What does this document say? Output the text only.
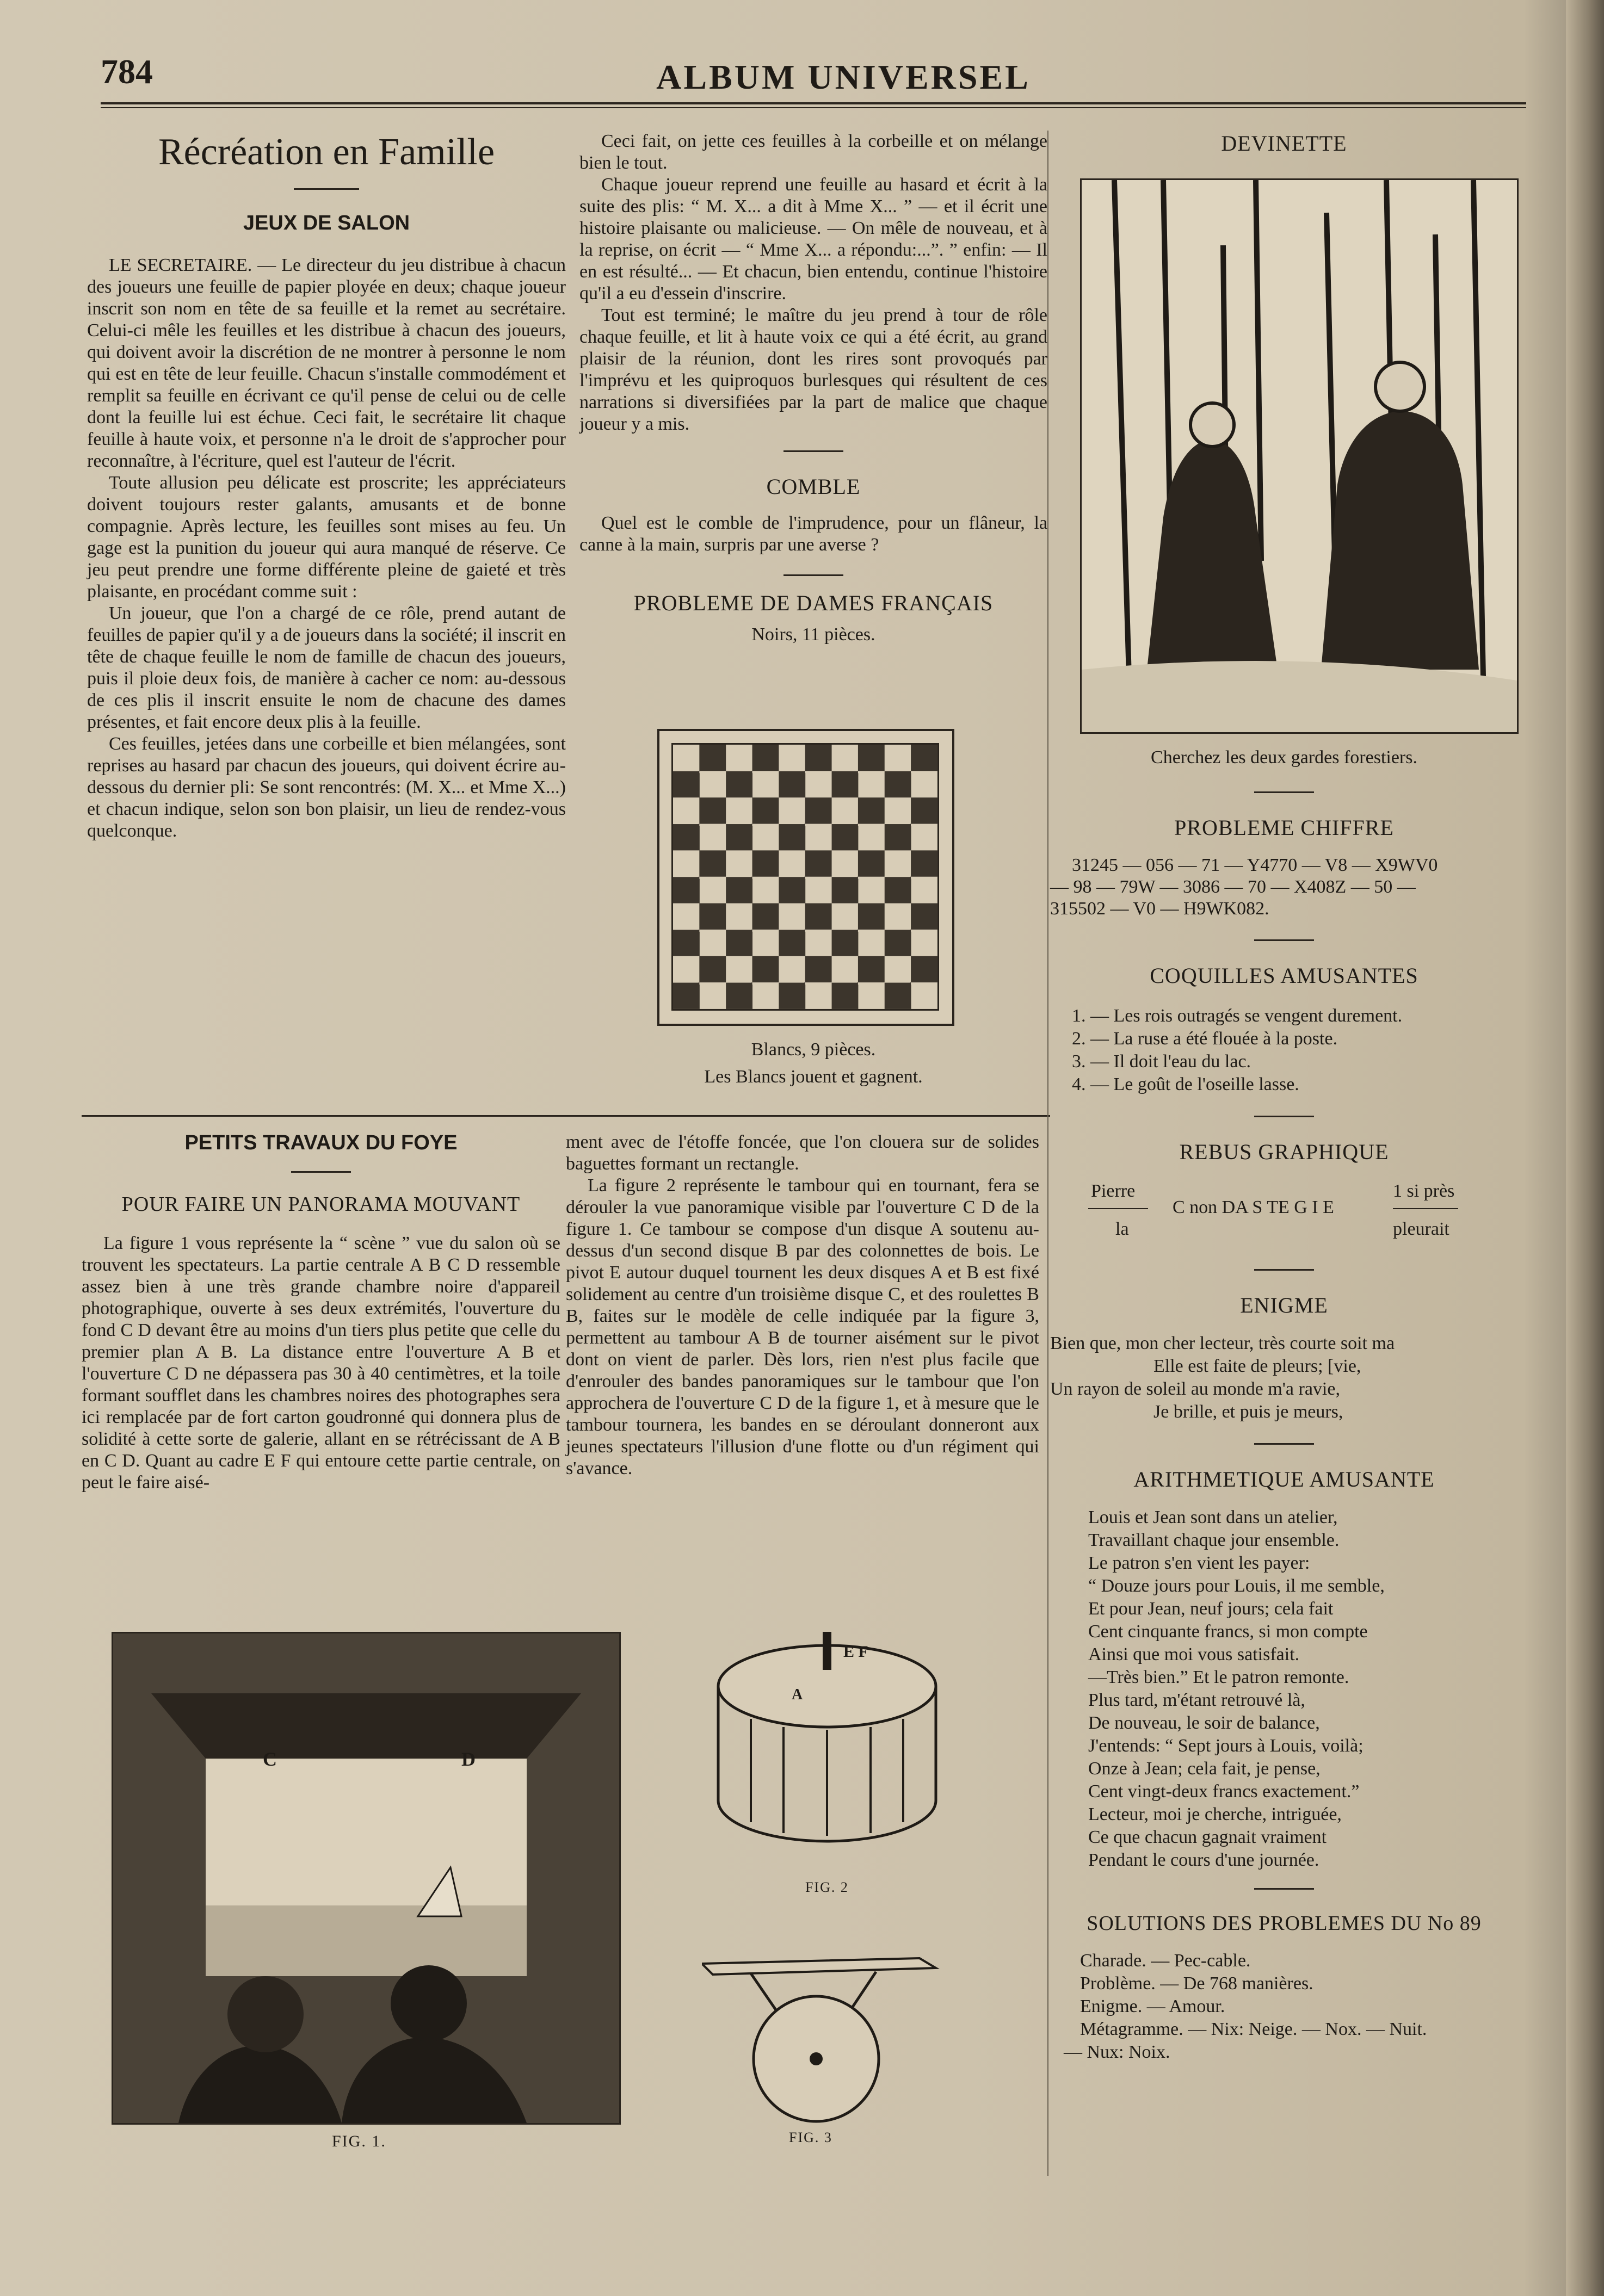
784	ALBUM UNIVERSEL
Récréation en Famille
JEUX DE SALON

LE SECRETAIRE. — Le directeur du jeu distribue à chacun des joueurs une feuille de papier ployée en deux; chaque joueur inscrit son nom en tête de sa feuille et la remet au secrétaire. Celui-ci mêle les feuilles et les distribue à chacun des joueurs, qui doivent avoir la discrétion de ne montrer à personne le nom qui est en tête de leur feuille. Chacun s'installe commodément et remplit sa feuille en écrivant ce qu'il pense de celui ou de celle dont la feuille lui est échue. Ceci fait, le secrétaire lit chaque feuille à haute voix, et personne n'a le droit de s'approcher pour reconnaître, à l'écriture, quel est l'auteur de l'écrit.

Toute allusion peu délicate est proscrite; les appréciateurs doivent toujours rester galants, amusants et de bonne compagnie. Après lecture, les feuilles sont mises au feu. Un gage est la punition du joueur qui aura manqué de réserve. Ce jeu peut prendre une forme différente pleine de gaieté et très plaisante, en procédant comme suit :

Un joueur, que l'on a chargé de ce rôle, prend autant de feuilles de papier qu'il y a de joueurs dans la société; il inscrit en tête de chaque feuille le nom de famille de chacun des joueurs, puis il ploie deux fois, de manière à cacher ce nom: au-dessous de ces plis il inscrit ensuite le nom de chacune des dames présentes, et fait encore deux plis à la feuille.

Ces feuilles, jetées dans une corbeille et bien mélangées, sont reprises au hasard par chacun des joueurs, qui doivent écrire au-dessous du dernier pli: Se sont rencontrés: (M. X... et Mme X...) et chacun indique, selon son bon plaisir, un lieu de rendez-vous quelconque.

Ceci fait, on jette ces feuilles à la corbeille et on mélange bien le tout.

Chaque joueur reprend une feuille au hasard et écrit à la suite des plis: “ M. X... a dit à Mme X... ” — et il écrit une histoire plaisante ou malicieuse. — On mêle de nouveau, et à la reprise, on écrit — “ Mme X... a répondu:...”. ” enfin: — Il en est résulté... — Et chacun, bien entendu, continue l'histoire qu'il a eu d'essein d'inscrire.

Tout est terminé; le maître du jeu prend à tour de rôle chaque feuille, et lit à haute voix ce qui a été écrit, au grand plaisir de la réunion, dont les rires sont provoqués par l'imprévu et les quiproquos burlesques qui résultent de ces narrations si diversifiées par la part de malice que chaque joueur y a mis.

COMBLE
Quel est le comble de l'imprudence, pour un flâneur, la canne à la main, surpris par une averse ?
PROBLEME DE DAMES FRANÇAIS
Noirs, 11 pièces.
Blancs, 9 pièces.
Les Blancs jouent et gagnent.
DEVINETTE
Cherchez les deux gardes forestiers.
PROBLEME CHIFFRE
31245 — 056 — 71 — Y4770 — V8 — X9WV0
— 98 — 79W — 3086 — 70 — X408Z — 50 —
315502 — V0 — H9WK082.
COQUILLES AMUSANTES
1. — Les rois outragés se vengent durement.
2. — La ruse a été flouée à la poste.
3. — Il doit l'eau du lac.
4. — Le goût de l'oseille lasse.
REBUS GRAPHIQUE
Pierre
la
C non DA S TE G I E
1 si près
pleurait
ENIGME
Bien que, mon cher lecteur, très courte soit ma
Elle est faite de pleurs; [vie,
Un rayon de soleil au monde m'a ravie,
Je brille, et puis je meurs,
ARITHMETIQUE AMUSANTE

Louis et Jean sont dans un atelier,

Travaillant chaque jour ensemble.

Le patron s'en vient les payer:

“ Douze jours pour Louis, il me semble,

Et pour Jean, neuf jours; cela fait

Cent cinquante francs, si mon compte

Ainsi que moi vous satisfait.

—Très bien.” Et le patron remonte.

Plus tard, m'étant retrouvé là,

De nouveau, le soir de balance,

J'entends: “ Sept jours à Louis, voilà;

Onze à Jean; cela fait, je pense,

Cent vingt-deux francs exactement.”

Lecteur, moi je cherche, intriguée,

Ce que chacun gagnait vraiment

Pendant le cours d'une journée.

SOLUTIONS DES PROBLEMES DU No 89
Charade. — Pec-cable.
Problème. — De 768 manières.
Enigme. — Amour.
Métagramme. — Nix: Neige. — Nox. — Nuit.
— Nux: Noix.
PETITS TRAVAUX DU FOYE
POUR FAIRE UN PANORAMA MOUVANT

La figure 1 vous représente la “ scène ” vue du salon où se trouvent les spectateurs. La partie centrale A B C D ressemble assez bien à une très grande chambre noire d'appareil photographique, ouverte à ses deux extrémités, l'ouverture du fond C D devant être au moins d'un tiers plus petite que celle du premier plan A B. La distance entre l'ouverture A B et l'ouverture C D ne dépassera pas 30 à 40 centimètres, et la toile formant soufflet dans les chambres noires des photographes sera ici remplacée par de fort carton goudronné qui donnera plus de solidité à cette sorte de galerie, allant en se rétrécissant de A B en C D. Quant au cadre E F qui entoure cette partie centrale, on peut le faire aisé-

ment avec de l'étoffe foncée, que l'on clouera sur de solides baguettes formant un rectangle.

La figure 2 représente le tambour qui en tournant, fera se dérouler la vue panoramique visible par l'ouverture C D de la figure 1. Ce tambour se compose d'un disque A soutenu au-dessus d'un second disque B par des colonnettes de bois. Le pivot E autour duquel tournent les deux disques A et B est fixé solidement au centre d'un troisième disque C, et des roulettes B B, faites sur le modèle de celle indiquée par la figure 3, permettent au tambour A B de tourner aisément sur le pivot dont on vient de parler. Dès lors, rien n'est plus facile que d'enrouler des bandes panoramiques sur le tambour que l'on approchera de l'ouverture C D de la figure 1, et à mesure que le tambour tournera, les bandes en se déroulant donneront aux jeunes spectateurs l'illusion d'une flotte ou d'un régiment qui s'avance.

C	D
FIG. 1.
A
E F
FIG. 2
FIG. 3
